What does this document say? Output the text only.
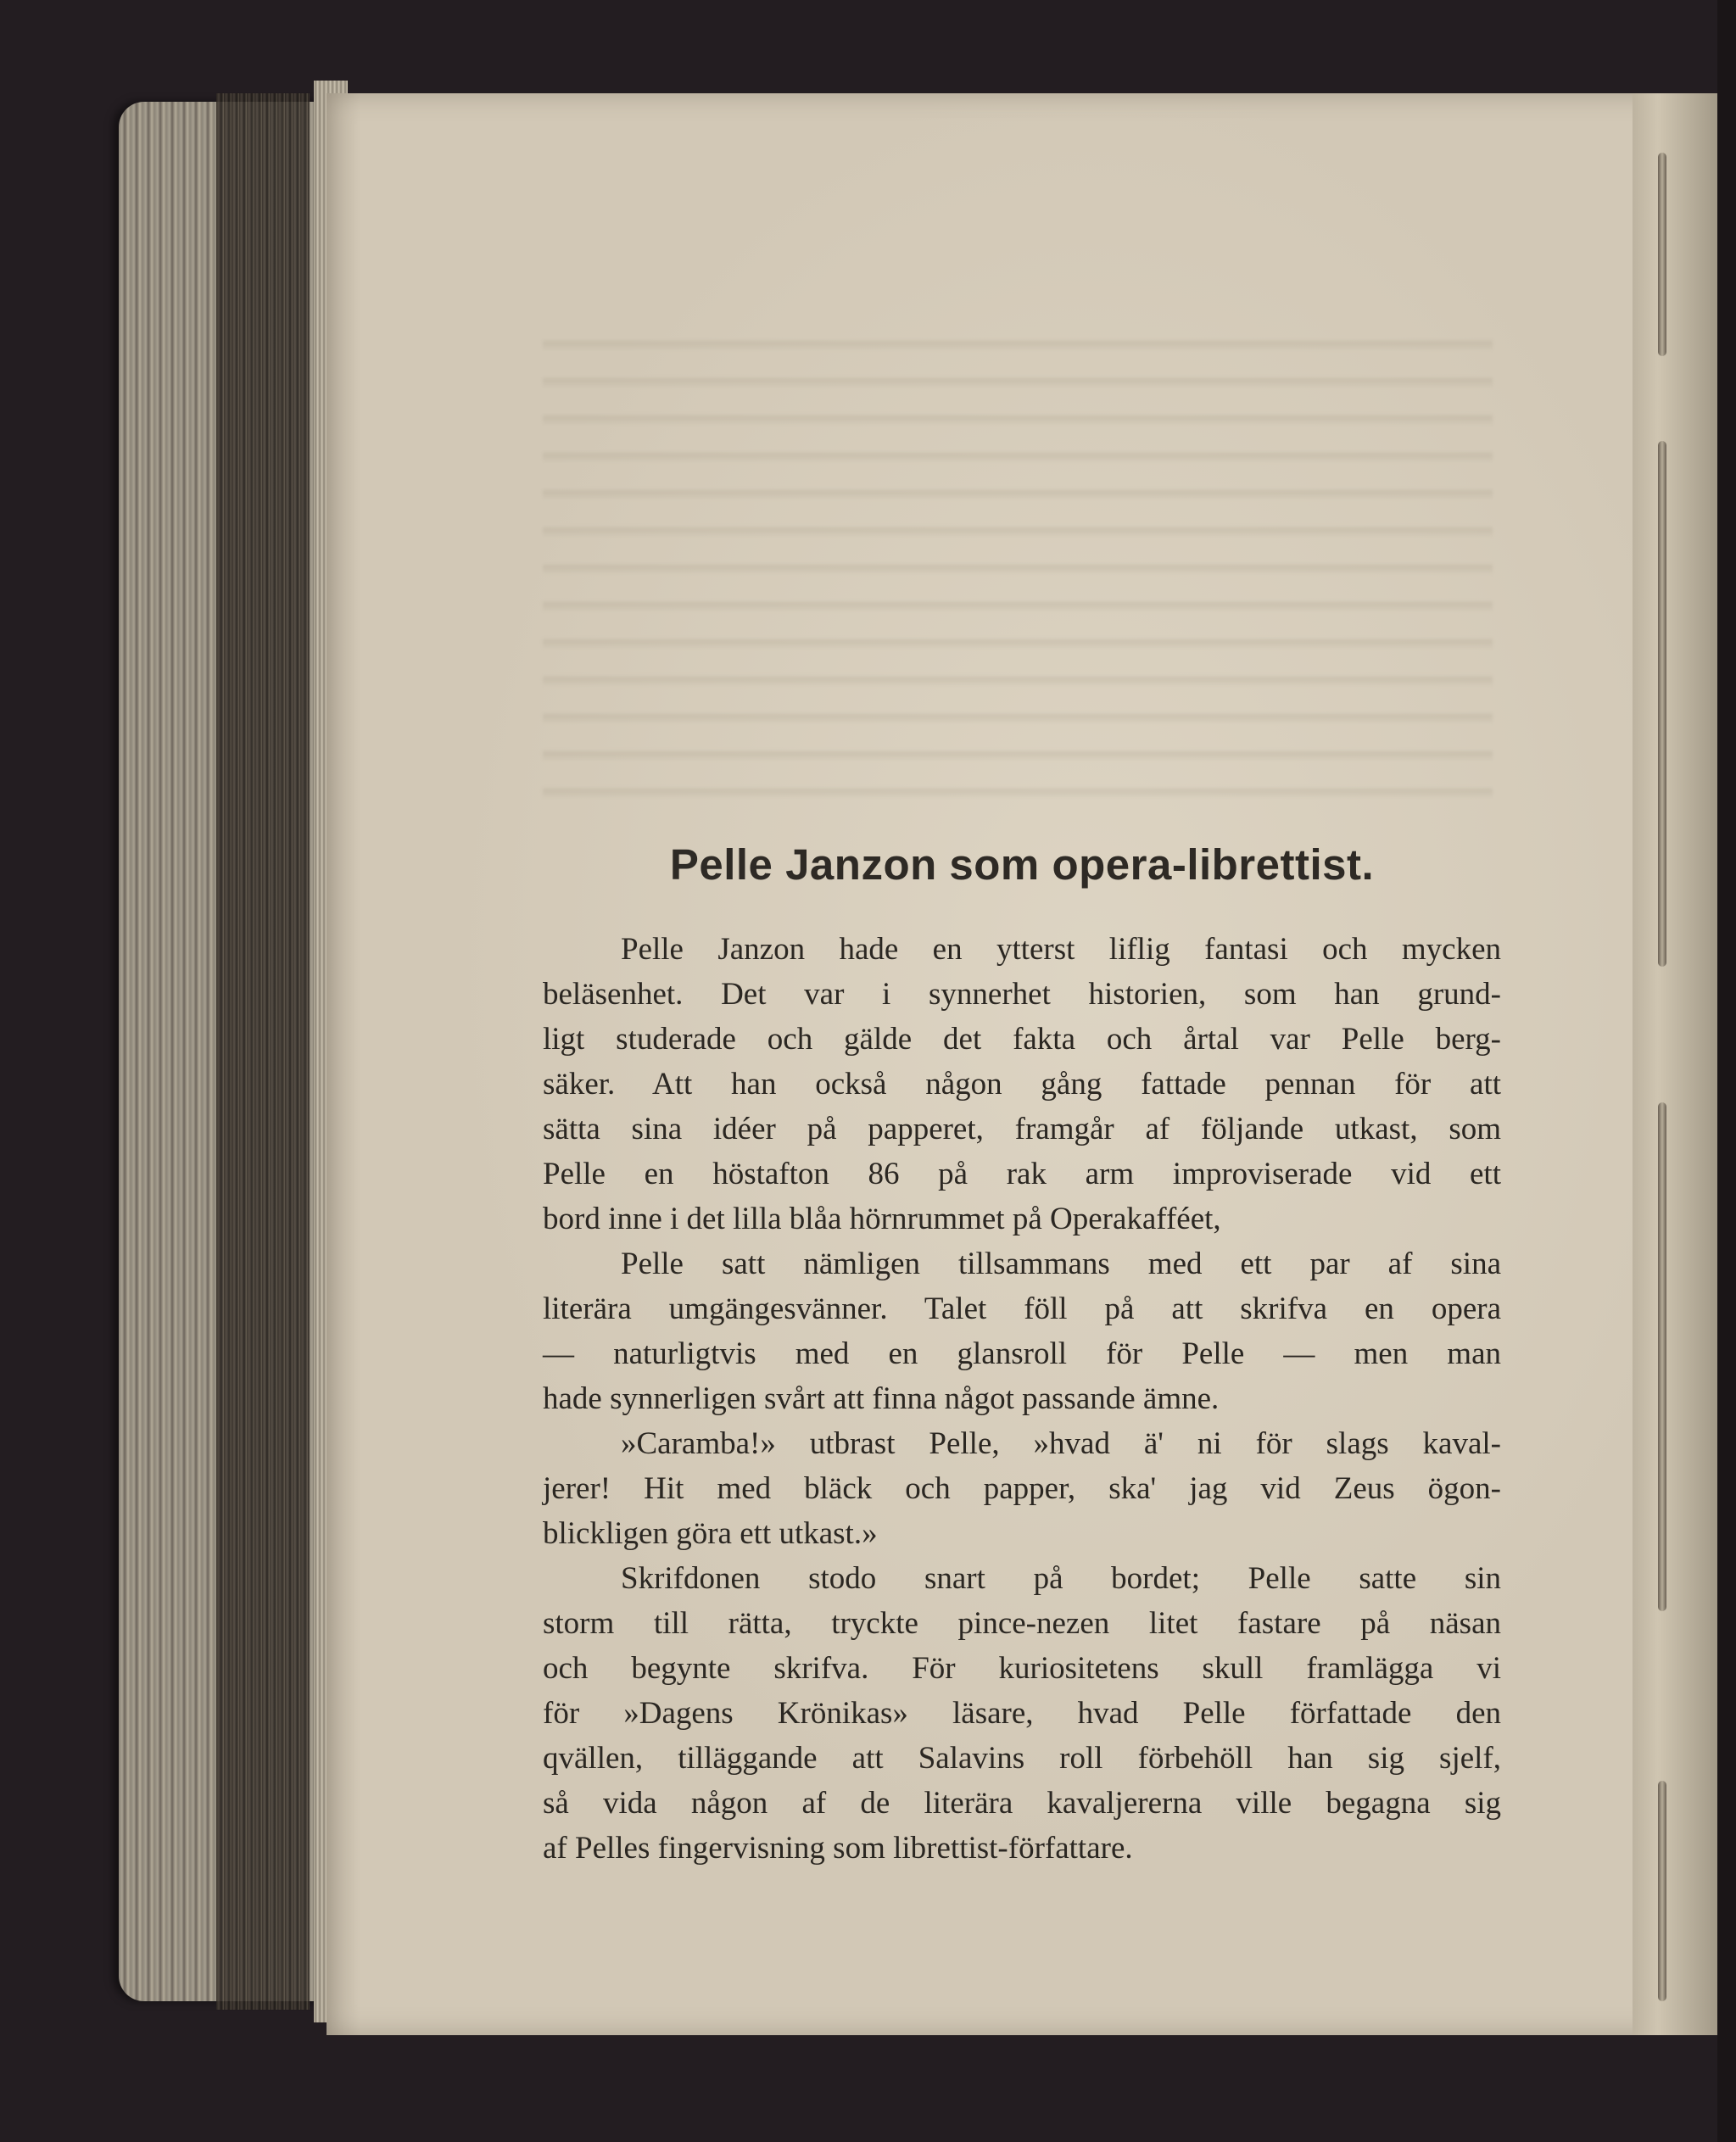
Pelle Janzon som opera-librettist.
Pelle Janzon hade en ytterst liflig fantasi och mycken
beläsenhet. Det var i synnerhet historien, som han grund-
ligt studerade och gälde det fakta och årtal var Pelle berg-
säker. Att han också någon gång fattade pennan för att
sätta sina idéer på papperet, framgår af följande utkast, som
Pelle en höstafton 86 på rak arm improviserade vid ett
bord inne i det lilla blåa hörnrummet på Operakafféet,
Pelle satt nämligen tillsammans med ett par af sina
literära umgängesvänner. Talet föll på att skrifva en opera
— naturligtvis med en glansroll för Pelle — men man
hade synnerligen svårt att finna något passande ämne.
»Caramba!» utbrast Pelle, »hvad ä' ni för slags kaval-
jerer! Hit med bläck och papper, ska' jag vid Zeus ögon-
blickligen göra ett utkast.»
Skrifdonen stodo snart på bordet; Pelle satte sin
storm till rätta, tryckte pince-nezen litet fastare på näsan
och begynte skrifva. För kuriositetens skull framlägga vi
för »Dagens Krönikas» läsare, hvad Pelle författade den
qvällen, tilläggande att Salavins roll förbehöll han sig sjelf,
så vida någon af de literära kavaljererna ville begagna sig
af Pelles fingervisning som librettist-författare.
